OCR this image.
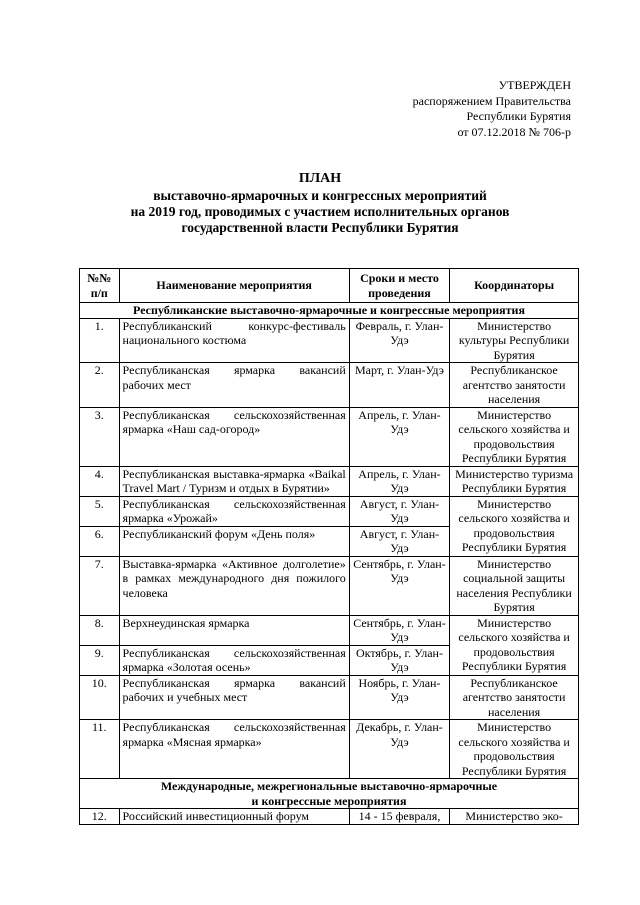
УТВЕРЖДЕН
распоряжением Правительства
Республики Бурятия
от 07.12.2018 № 706-р
ПЛАН
выставочно-ярмарочных и конгрессных мероприятий
на 2019 год, проводимых с участием исполнительных органов
государственной власти Республики Бурятия
№№ п/п	Наименование мероприятия	Сроки и место проведения	Координаторы
Республиканские выставочно-ярмарочные и конгрессные мероприятия			
1.	Республиканский конкурс-фестиваль национального костюма	Февраль, г. Улан-Удэ	Министерство культуры Республики Бурятия
2.	Республиканская ярмарка вакансий рабочих мест	Март, г. Улан-Удэ	Республиканское агентство занятости населения
3.	Республиканская сельскохозяйственная ярмарка «Наш сад-огород»	Апрель, г. Улан-Удэ	Министерство сельского хозяйства и продовольствия Республики Бурятия
4.	Республиканская выставка-ярмарка «Baikal Travel Mart / Туризм и отдых в Бурятии»	Апрель, г. Улан-Удэ	Министерство туризма Республики Бурятия
5.	Республиканская сельскохозяйственная ярмарка «Урожай»	Август, г. Улан-Удэ	Министерство сельского хозяйства и продовольствия Республики Бурятия
6.	Республиканский форум «День поля»	Август, г. Улан-Удэ	
7.	Выставка-ярмарка «Активное долголетие» в рамках международного дня пожилого человека	Сентябрь, г. Улан-Удэ	Министерство социальной защиты населения Республики Бурятия
8.	Верхнеудинская ярмарка	Сентябрь, г. Улан-Удэ	Министерство сельского хозяйства и продовольствия Республики Бурятия
9.	Республиканская сельскохозяйственная ярмарка «Золотая осень»	Октябрь, г. Улан-Удэ	
10.	Республиканская ярмарка вакансий рабочих и учебных мест	Ноябрь, г. Улан-Удэ	Республиканское агентство занятости населения
11.	Республиканская сельскохозяйственная ярмарка «Мясная ярмарка»	Декабрь, г. Улан-Удэ	Министерство сельского хозяйства и продовольствия Республики Бурятия

Международные, межрегиональные выставочно-ярмарочные
и конгрессные мероприятия			

12.	Российский инвестиционный форум	14 - 15 февраля,	Министерство эко-
